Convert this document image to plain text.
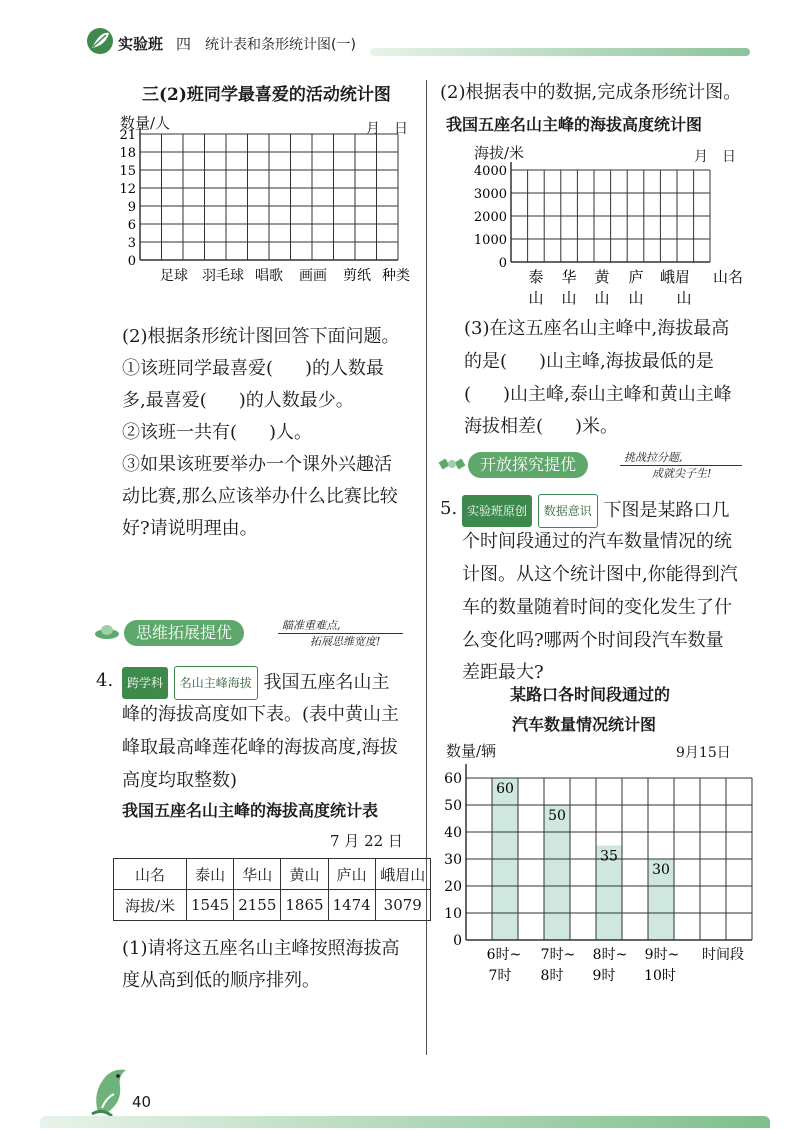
实验班 四 统计表和条形统计图(一)
三(2)班同学最喜爱的活动统计图
数量/人	月　日
21
18
15
12
9
6
3
0
足球 羽毛球 唱歌 画画 剪纸 种类
(2)根据条形统计图回答下面问题。
①该班同学最喜爱( )的人数最
多,最喜爱( )的人数最少。
②该班一共有( )人。
③如果该班要举办一个课外兴趣活
动比赛,那么应该举办什么比赛比较
好?请说明理由。
思维拓展提优	瞄准重难点,
拓展思维宽度!
4.	跨学科 名山主峰海拔 我国五座名山主
峰的海拔高度如下表。(表中黄山主
峰取最高峰莲花峰的海拔高度,海拔
高度均取整数)
我国五座名山主峰的海拔高度统计表
7 月 22 日
山名	泰山	华山	黄山	庐山	峨眉山
海拔/米	1545	2155	1865	1474	3079
(1)请将这五座名山主峰按照海拔高
度从高到低的顺序排列。
(2)根据表中的数据,完成条形统计图。
我国五座名山主峰的海拔高度统计图
海拔/米	月　日
4000
3000
2000
1000
0
泰 华 黄 庐 峨眉 山名
山 山 山 山 山
(3)在这五座名山主峰中,海拔最高
的是( )山主峰,海拔最低的是
( )山主峰,泰山主峰和黄山主峰
海拔相差( )米。
开放探究提优	挑战拉分题,
成就尖子生!
5. 实验班原创 数据意识 下图是某路口几
个时间段通过的汽车数量情况的统
计图。从这个统计图中,你能得到汽
车的数量随着时间的变化发生了什
么变化吗?哪两个时间段汽车数量
差距最大?
某路口各时间段通过的
汽车数量情况统计图
数量/辆	9月15日
60
50
35
30
60
50
40
30
20
10
0
6时~ 7时~ 8时~ 9时~ 时间段
7时 8时 9时 10时
40
